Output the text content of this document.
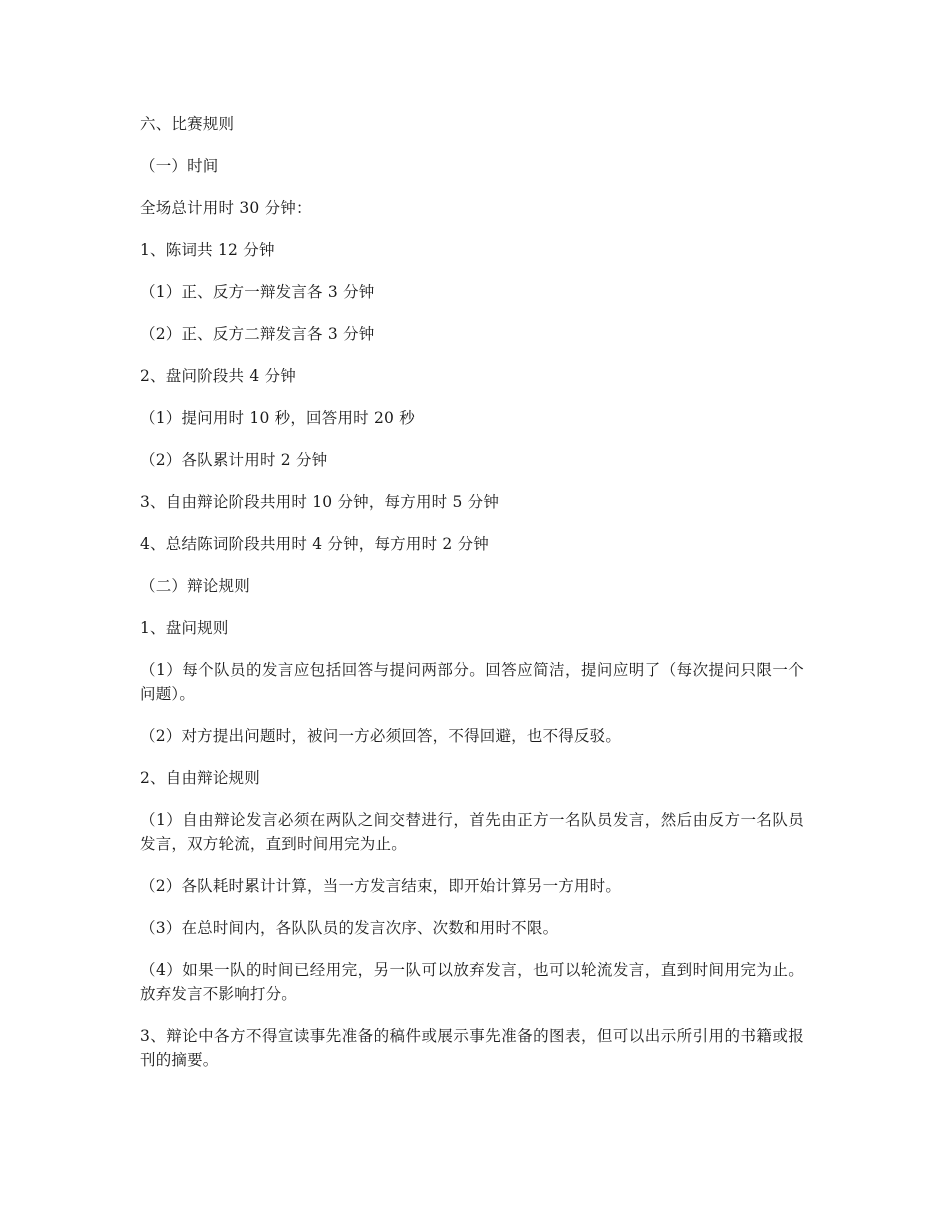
六、比赛规则

（一）时间

全场总计用时 30 分钟：

1、陈词共 12 分钟

（1）正、反方一辩发言各 3 分钟

（2）正、反方二辩发言各 3 分钟

2、盘问阶段共 4 分钟

（1）提问用时 10 秒，回答用时 20 秒

（2）各队累计用时 2 分钟

3、自由辩论阶段共用时 10 分钟，每方用时 5 分钟

4、总结陈词阶段共用时 4 分钟，每方用时 2 分钟

（二）辩论规则

1、盘问规则

（1）每个队员的发言应包括回答与提问两部分。回答应简洁，提问应明了（每次提问只限一个问题）。

（2）对方提出问题时，被问一方必须回答，不得回避，也不得反驳。

2、自由辩论规则

（1）自由辩论发言必须在两队之间交替进行，首先由正方一名队员发言，然后由反方一名队员发言，双方轮流，直到时间用完为止。

（2）各队耗时累计计算，当一方发言结束，即开始计算另一方用时。

（3）在总时间内，各队队员的发言次序、次数和用时不限。

（4）如果一队的时间已经用完，另一队可以放弃发言，也可以轮流发言，直到时间用完为止。放弃发言不影响打分。

3、辩论中各方不得宣读事先准备的稿件或展示事先准备的图表，但可以出示所引用的书籍或报刊的摘要。
